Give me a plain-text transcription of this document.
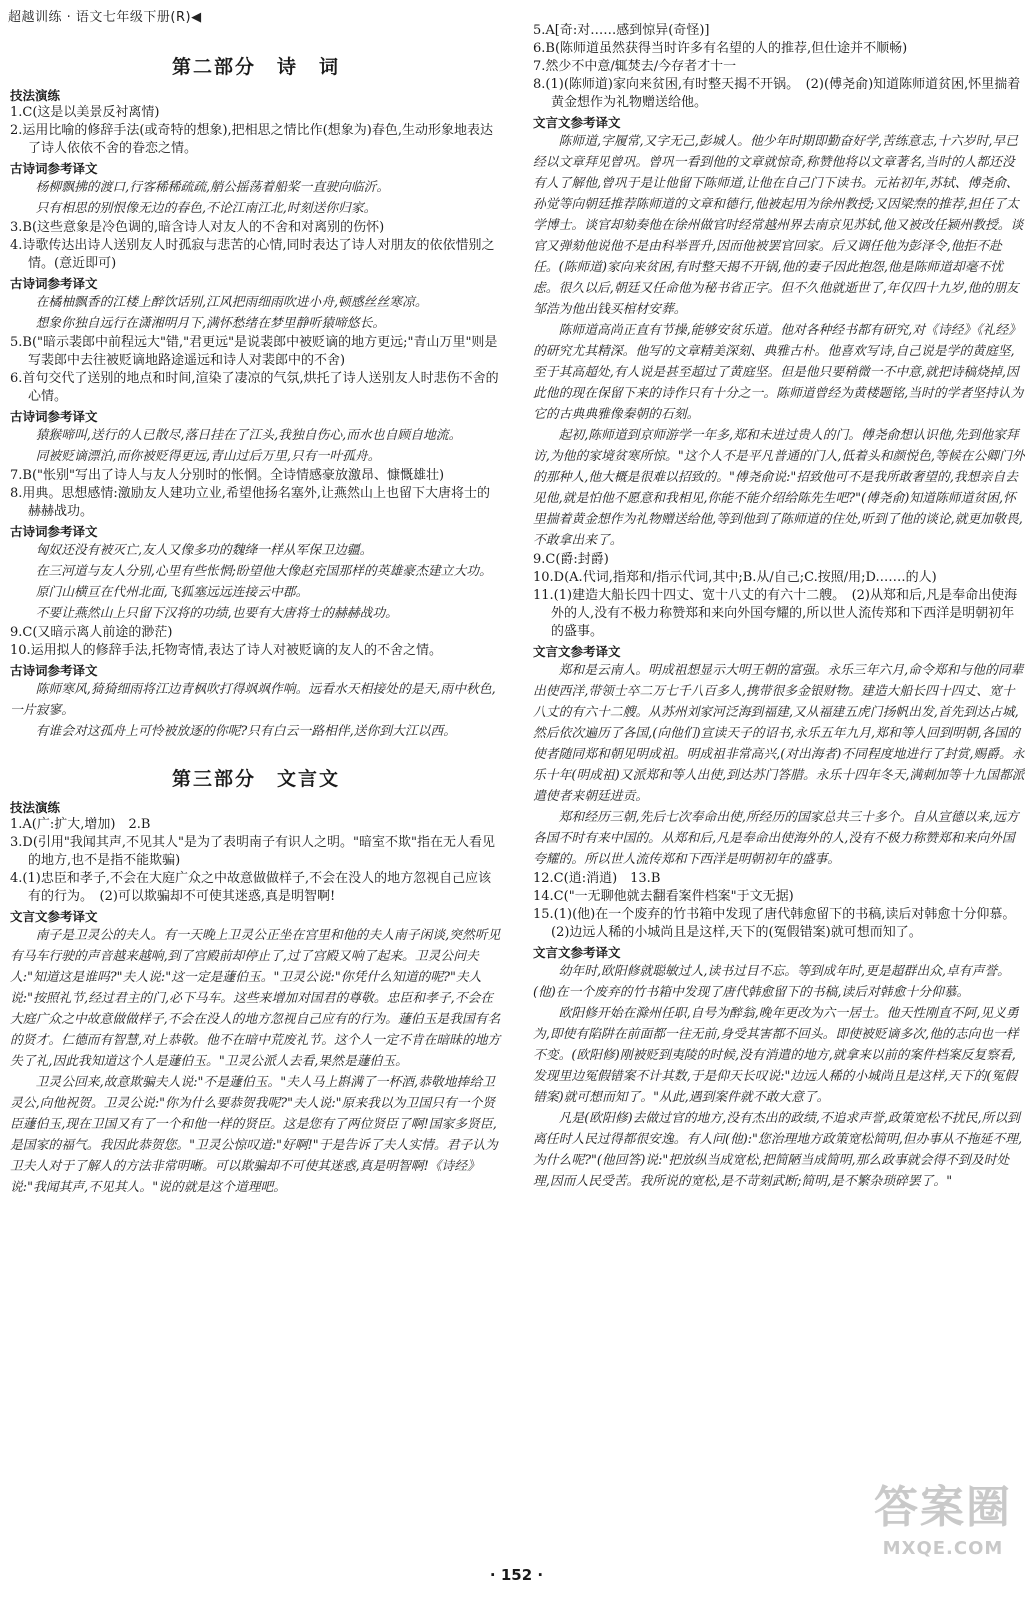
超越训练 · 语文七年级下册(R)◀
第二部分　诗　词
技法演练

1.C(这是以美景反衬离情)

2.运用比喻的修辞手法(或奇特的想象),把相思之情比作(想象为)春色,生动形象地表达了诗人依依不舍的眷恋之情。

古诗词参考译文

杨柳飘拂的渡口,行客稀稀疏疏,艄公摇荡着船桨一直驶向临沂。

只有相思的别恨像无边的春色,不论江南江北,时刻送你归家。

3.B(这些意象是冷色调的,暗含诗人对友人的不舍和对离别的伤怀)

4.诗歌传达出诗人送别友人时孤寂与悲苦的心情,同时表达了诗人对朋友的依依惜别之情。(意近即可)

古诗词参考译文

在橘柚飘香的江楼上醉饮话别,江风把雨细雨吹进小舟,顿感丝丝寒凉。

想象你独自远行在潇湘明月下,满怀愁绪在梦里静听猿啼悠长。

5.B("暗示裴郎中前程远大"错,"君更远"是说裴郎中被贬谪的地方更远;"青山万里"则是写裴郎中去往被贬谪地路途遥远和诗人对裴郎中的不舍)

6.首句交代了送别的地点和时间,渲染了凄凉的气氛,烘托了诗人送别友人时悲伤不舍的心情。

古诗词参考译文

猿猴啼叫,送行的人已散尽,落日挂在了江头,我独自伤心,而水也自顾自地流。

同被贬谪漂泊,而你被贬得更远,青山过后万里,只有一叶孤舟。

7.B("怅别"写出了诗人与友人分别时的怅惘。全诗情感豪放激昂、慷慨雄壮)

8.用典。思想感情:激励友人建功立业,希望他扬名塞外,让燕然山上也留下大唐将士的赫赫战功。

古诗词参考译文

匈奴还没有被灭亡,友人又像多功的魏绛一样从军保卫边疆。

在三河道与友人分别,心里有些怅惘;盼望他大像赵充国那样的英雄豪杰建立大功。

原门山横亘在代州北面,飞狐塞远远连接云中郡。

不要让燕然山上只留下汉将的功绩,也要有大唐将士的赫赫战功。

9.C(又暗示离人前途的渺茫)

10.运用拟人的修辞手法,托物寄情,表达了诗人对被贬谪的友人的不舍之情。

古诗词参考译文

陈师寒风,猗猗细雨将江边青枫吹打得飒飒作响。远看水天相接处的是天,雨中秋色,一片寂寥。

有谁会对这孤舟上可怜被放逐的你呢?只有白云一路相伴,送你到大江以西。

第三部分　文言文
技法演练

1.A(广:扩大,增加)　2.B

3.D(引用"我闻其声,不见其人"是为了表明南子有识人之明。"暗室不欺"指在无人看见的地方,也不是指不能欺骗)

4.(1)忠臣和孝子,不会在大庭广众之中故意做做样子,不会在没人的地方忽视自己应该有的行为。　(2)可以欺骗却不可使其迷惑,真是明智啊!

文言文参考译文

南子是卫灵公的夫人。有一天晚上卫灵公正坐在宫里和他的夫人南子闲谈,突然听见有马车行驶的声音越来越响,到了宫殿前却停止了,过了宫殿又响了起来。卫灵公问夫人:"知道这是谁吗?"夫人说:"这一定是蘧伯玉。"卫灵公说:"你凭什么知道的呢?"夫人说:"按照礼节,经过君主的门,必下马车。这些来增加对国君的尊敬。忠臣和孝子,不会在大庭广众之中故意做做样子,不会在没人的地方忽视自己应有的行为。蘧伯玉是我国有名的贤才。仁德而有智慧,对上恭敬。他不在暗中荒废礼节。这个人一定不肯在暗昧的地方失了礼,因此我知道这个人是蘧伯玉。"卫灵公派人去看,果然是蘧伯玉。

卫灵公回来,故意欺骗夫人说:"不是蘧伯玉。"夫人马上斟满了一杯酒,恭敬地捧给卫灵公,向他祝贺。卫灵公说:"你为什么要恭贺我呢?"夫人说:"原来我以为卫国只有一个贤臣蘧伯玉,现在卫国又有了一个和他一样的贤臣。这是您有了两位贤臣了啊!国家多贤臣,是国家的福气。我因此恭贺您。"卫灵公惊叹道:"好啊!"于是告诉了夫人实情。君子认为卫夫人对于了解人的方法非常明晰。可以欺骗却不可使其迷惑,真是明智啊!《诗经》说:"我闻其声,不见其人。"说的就是这个道理吧。

5.A[奇:对……感到惊异(奇怪)]

6.B(陈师道虽然获得当时许多有名望的人的推荐,但仕途并不顺畅)

7.然少不中意/辄焚去/今存者才十一

8.(1)(陈师道)家向来贫困,有时整天揭不开锅。　(2)(傅尧俞)知道陈师道贫困,怀里揣着黄金想作为礼物赠送给他。

文言文参考译文

陈师道,字履常,又字无己,彭城人。他少年时期即勤奋好学,苦练意志,十六岁时,早已经以文章拜见曾巩。曾巩一看到他的文章就惊奇,称赞他将以文章著名,当时的人都还没有人了解他,曾巩于是让他留下陈师道,让他在自己门下读书。元祐初年,苏轼、傅尧俞、孙觉等向朝廷推荐陈师道的文章和德行,他被起用为徐州教授;又因梁焘的推荐,担任了太学博士。谈官却劾奏他在徐州做官时经常越州界去南京见苏轼,他又被改任颍州教授。谈官又弹劾他说他不是由科举晋升,因而他被罢官回家。后又调任他为彭泽令,他拒不赴任。(陈师道)家向来贫困,有时整天揭不开锅,他的妻子因此抱怨,他是陈师道却毫不忧虑。很久以后,朝廷又任命他为秘书省正字。但不久他就逝世了,年仅四十九岁,他的朋友邹浩为他出钱买棺材安葬。

陈师道高尚正直有节操,能够安贫乐道。他对各种经书都有研究,对《诗经》《礼经》的研究尤其精深。他写的文章精美深刻、典雅古朴。他喜欢写诗,自己说是学的黄庭坚,至于其高超处,有人说是甚至超过了黄庭坚。但是他只要稍微一不中意,就把诗稿烧掉,因此他的现在保留下来的诗作只有十分之一。陈师道曾经为黄楼题铭,当时的学者坚持认为它的古典典雅像秦朝的石刻。

起初,陈师道到京师游学一年多,郑和未进过贵人的门。傅尧俞想认识他,先到他家拜访,为他的家境贫寒所惊。"这个人不是平凡普通的门人,低着头和颜悦色,等候在公卿门外的那种人,他大概是很难以招致的。"傅尧俞说:"招致他可不是我所敢奢望的,我想亲自去见他,就是怕他不愿意和我相见,你能不能介绍给陈先生吧?"(傅尧俞)知道陈师道贫困,怀里揣着黄金想作为礼物赠送给他,等到他到了陈师道的住处,听到了他的谈论,就更加敬畏,不敢拿出来了。

9.C(爵:封爵)

10.D(A.代词,指郑和/指示代词,其中;B.从/自己;C.按照/用;D.……的人)

11.(1)建造大船长四十四丈、宽十八丈的有六十二艘。　(2)从郑和后,凡是奉命出使海外的人,没有不极力称赞郑和来向外国夸耀的,所以世人流传郑和下西洋是明朝初年的盛事。

文言文参考译文

郑和是云南人。明成祖想显示大明王朝的富强。永乐三年六月,命令郑和与他的同辈出使西洋,带领士卒二万七千八百多人,携带很多金银财物。建造大船长四十四丈、宽十八丈的有六十二艘。从苏州刘家河泛海到福建,又从福建五虎门扬帆出发,首先到达占城,然后依次遍历了各国,(向他们)宣读天子的诏书,永乐五年九月,郑和等人回到明朝,各国的使者随同郑和朝见明成祖。明成祖非常高兴,(对出海者)不同程度地进行了封赏,赐爵。永乐十年(明成祖)又派郑和等人出使,到达苏门答腊。永乐十四年冬天,满刺加等十九国都派遣使者来朝廷进贡。

郑和经历三朝,先后七次奉命出使,所经历的国家总共三十多个。自从宣德以来,远方各国不时有来中国的。从郑和后,凡是奉命出使海外的人,没有不极力称赞郑和来向外国夸耀的。所以世人流传郑和下西洋是明朝初年的盛事。

12.C(逍:消逍)　13.B

14.C("一无聊他就去翻看案件档案"于文无据)

15.(1)(他)在一个废弃的竹书箱中发现了唐代韩愈留下的书稿,读后对韩愈十分仰慕。　(2)边远人稀的小城尚且是这样,天下的(冤假错案)就可想而知了。

文言文参考译文

幼年时,欧阳修就聪敏过人,读书过目不忘。等到成年时,更是超群出众,卓有声誉。(他)在一个废弃的竹书箱中发现了唐代韩愈留下的书稿,读后对韩愈十分仰慕。

欧阳修开始在滁州任职,自号为醉翁,晚年更改为六一居士。他天性刚直不阿,见义勇为,即使有陷阱在前面都一往无前,身受其害都不回头。即使被贬谪多次,他的志向也一样不变。(欧阳修)刚被贬到夷陵的时候,没有消遣的地方,就拿来以前的案件档案反复察看,发现里边冤假错案不计其数,于是仰天长叹说:"边远人稀的小城尚且是这样,天下的(冤假错案)就可想而知了。"从此,遇到案件就不敢大意了。

凡是(欧阳修)去做过官的地方,没有杰出的政绩,不追求声誉,政策宽松不扰民,所以到离任时人民过得都很安逸。有人问(他):"您治理地方政策宽松简明,但办事从不拖延不理,为什么呢?"(他回答)说:"把放纵当成宽松,把简陋当成简明,那么政事就会得不到及时处理,因而人民受苦。我所说的宽松,是不苛刻武断;简明,是不繁杂琐碎罢了。"

答案圈
MXQE.COM
· 152 ·
